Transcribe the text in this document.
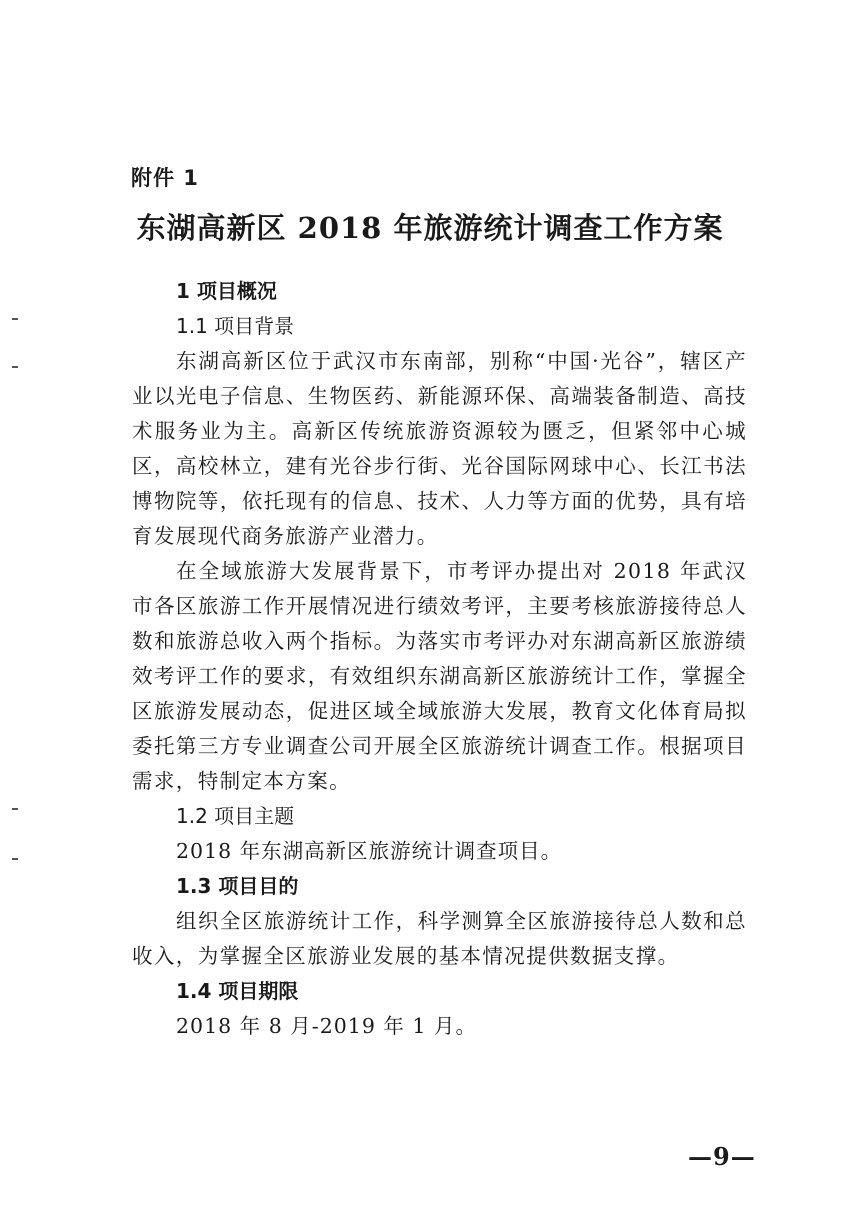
附件 1
东湖高新区 2018 年旅游统计调查工作方案
1 项目概况
1.1 项目背景

东湖高新区位于武汉市东南部，别称“中国·光谷”，辖区产业以光电子信息、生物医药、新能源环保、高端装备制造、高技术服务业为主。高新区传统旅游资源较为匮乏，但紧邻中心城区，高校林立，建有光谷步行街、光谷国际网球中心、长江书法博物院等，依托现有的信息、技术、人力等方面的优势，具有培育发展现代商务旅游产业潜力。

在全域旅游大发展背景下，市考评办提出对 2018 年武汉市各区旅游工作开展情况进行绩效考评，主要考核旅游接待总人数和旅游总收入两个指标。为落实市考评办对东湖高新区旅游绩效考评工作的要求，有效组织东湖高新区旅游统计工作，掌握全区旅游发展动态，促进区域全域旅游大发展，教育文化体育局拟委托第三方专业调查公司开展全区旅游统计调查工作。根据项目需求，特制定本方案。

1.2 项目主题
2018 年东湖高新区旅游统计调查项目。
1.3 项目目的

组织全区旅游统计工作，科学测算全区旅游接待总人数和总收入，为掌握全区旅游业发展的基本情况提供数据支撑。

1.4 项目期限
2018 年 8 月-2019 年 1 月。
—9—
